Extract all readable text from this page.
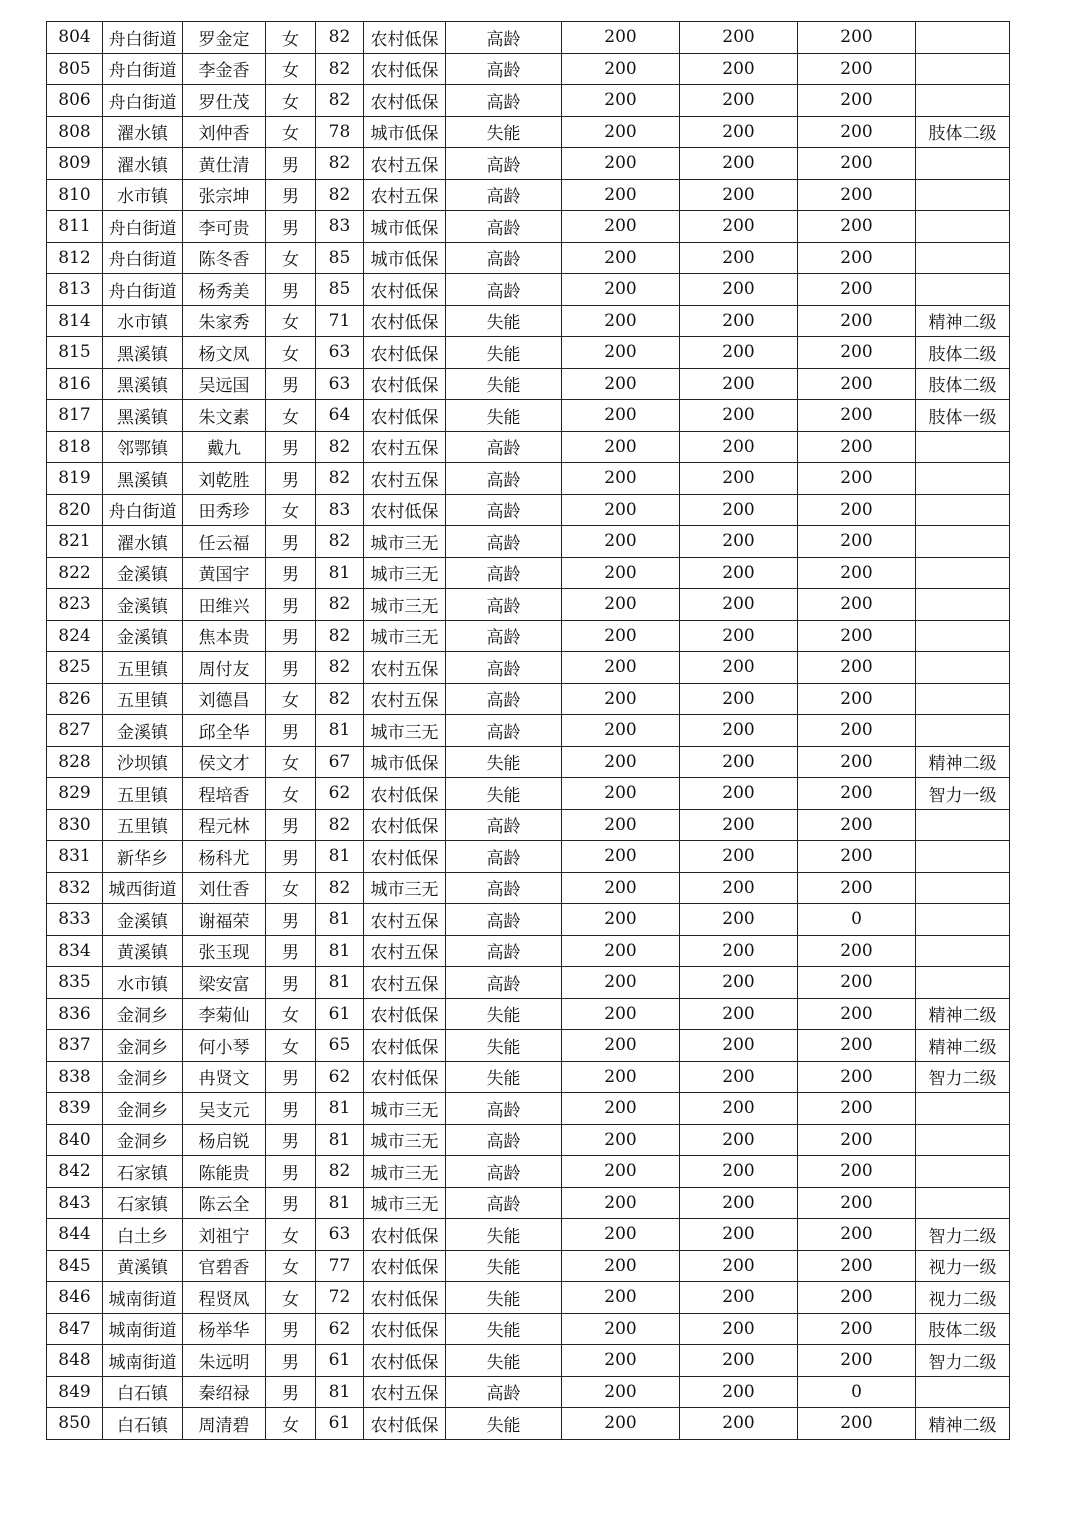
804	舟白街道	罗金定	女	82	农村低保	高龄	200	200	200	
805	舟白街道	李金香	女	82	农村低保	高龄	200	200	200	
806	舟白街道	罗仕茂	女	82	农村低保	高龄	200	200	200	
808	濯水镇	刘仲香	女	78	城市低保	失能	200	200	200	肢体二级
809	濯水镇	黄仕清	男	82	农村五保	高龄	200	200	200	
810	水市镇	张宗坤	男	82	农村五保	高龄	200	200	200	
811	舟白街道	李可贵	男	83	城市低保	高龄	200	200	200	
812	舟白街道	陈冬香	女	85	城市低保	高龄	200	200	200	
813	舟白街道	杨秀美	男	85	农村低保	高龄	200	200	200	
814	水市镇	朱家秀	女	71	农村低保	失能	200	200	200	精神二级
815	黑溪镇	杨文凤	女	63	农村低保	失能	200	200	200	肢体二级
816	黑溪镇	吴远国	男	63	农村低保	失能	200	200	200	肢体二级
817	黑溪镇	朱文素	女	64	农村低保	失能	200	200	200	肢体一级
818	邻鄂镇	戴九	男	82	农村五保	高龄	200	200	200	
819	黑溪镇	刘乾胜	男	82	农村五保	高龄	200	200	200	
820	舟白街道	田秀珍	女	83	农村低保	高龄	200	200	200	
821	濯水镇	任云福	男	82	城市三无	高龄	200	200	200	
822	金溪镇	黄国宇	男	81	城市三无	高龄	200	200	200	
823	金溪镇	田维兴	男	82	城市三无	高龄	200	200	200	
824	金溪镇	焦本贵	男	82	城市三无	高龄	200	200	200	
825	五里镇	周付友	男	82	农村五保	高龄	200	200	200	
826	五里镇	刘德昌	女	82	农村五保	高龄	200	200	200	
827	金溪镇	邱全华	男	81	城市三无	高龄	200	200	200	
828	沙坝镇	侯文才	女	67	城市低保	失能	200	200	200	精神二级
829	五里镇	程培香	女	62	农村低保	失能	200	200	200	智力一级
830	五里镇	程元林	男	82	农村低保	高龄	200	200	200	
831	新华乡	杨科尤	男	81	农村低保	高龄	200	200	200	
832	城西街道	刘仕香	女	82	城市三无	高龄	200	200	200	
833	金溪镇	谢福荣	男	81	农村五保	高龄	200	200	0	
834	黄溪镇	张玉现	男	81	农村五保	高龄	200	200	200	
835	水市镇	梁安富	男	81	农村五保	高龄	200	200	200	
836	金洞乡	李菊仙	女	61	农村低保	失能	200	200	200	精神二级
837	金洞乡	何小琴	女	65	农村低保	失能	200	200	200	精神二级
838	金洞乡	冉贤文	男	62	农村低保	失能	200	200	200	智力二级
839	金洞乡	吴支元	男	81	城市三无	高龄	200	200	200	
840	金洞乡	杨启锐	男	81	城市三无	高龄	200	200	200	
842	石家镇	陈能贵	男	82	城市三无	高龄	200	200	200	
843	石家镇	陈云全	男	81	城市三无	高龄	200	200	200	
844	白土乡	刘祖宁	女	63	农村低保	失能	200	200	200	智力二级
845	黄溪镇	官碧香	女	77	农村低保	失能	200	200	200	视力一级
846	城南街道	程贤凤	女	72	农村低保	失能	200	200	200	视力二级
847	城南街道	杨举华	男	62	农村低保	失能	200	200	200	肢体二级
848	城南街道	朱远明	男	61	农村低保	失能	200	200	200	智力二级
849	白石镇	秦绍禄	男	81	农村五保	高龄	200	200	0	
850	白石镇	周清碧	女	61	农村低保	失能	200	200	200	精神二级
